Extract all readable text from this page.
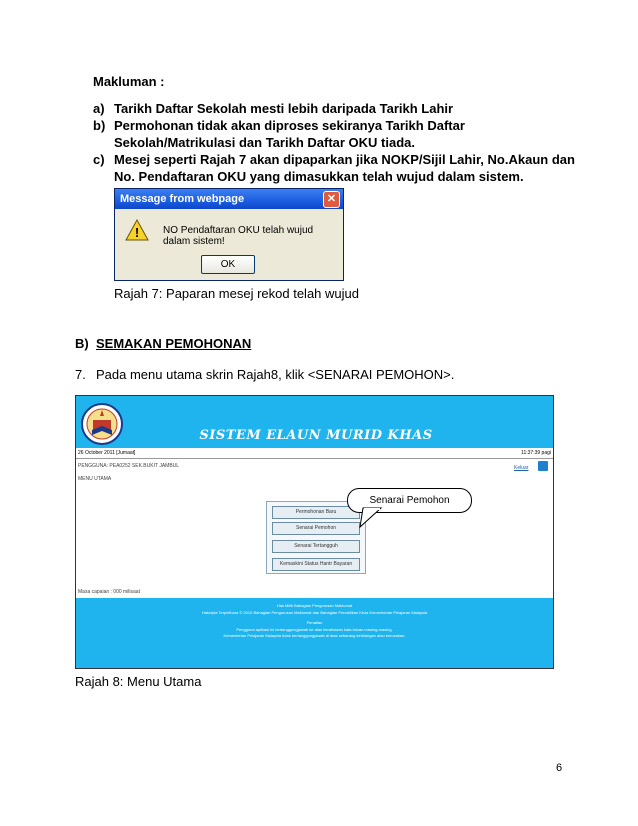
Makluman :
a) Tarikh Daftar Sekolah mesti lebih daripada Tarikh Lahir
b) Permohonan tidak akan diproses sekiranya Tarikh Daftar
Sekolah/Matrikulasi dan Tarikh Daftar OKU tiada.
c) Mesej seperti Rajah 7 akan dipaparkan jika NOKP/Sijil Lahir, No.Akaun dan
No. Pendaftaran OKU yang dimasukkan telah wujud dalam sistem.
Message from webpage	✕
! NO Pendaftaran OKU telah wujud dalam sistem!
OK
Rajah 7: Paparan mesej rekod telah wujud
B) SEMAKAN PEMOHONAN
7. Pada menu utama skrin Rajah8, klik <SENARAI PEMOHON>.
SISTEM ELAUN MURID KHAS
26 October 2011 [Jumaat]	11:37:39 pagi
PENGGUNA: PEA0252 SEK.BUKIT JAMBUL
MENU UTAMA
Keluar
Permohonan Baru
Senarai Pemohon
Senarai Tertangguh
Kemaskini Status Hantr Bayaran
Senarai Pemohon
Masa capaian : 000 milisaat
Hak Milik Bahagian Pengurusan Maklumat
Hakcipta Terpelihara © 2010 Bahagian Pengurusan Maklumat dan Bahagian Pendidikan Khas Kementerian Pelajaran Malaysia
Penafian
Pengguna aplikasi ini bertanggungjawab ke atas kerahsiaan kata laluan masing-masing.
Kementerian Pelajaran Malaysia tidak bertanggungjawab di atas sebarang kehilangan atau kerosakan.
Rajah 8: Menu Utama
6
